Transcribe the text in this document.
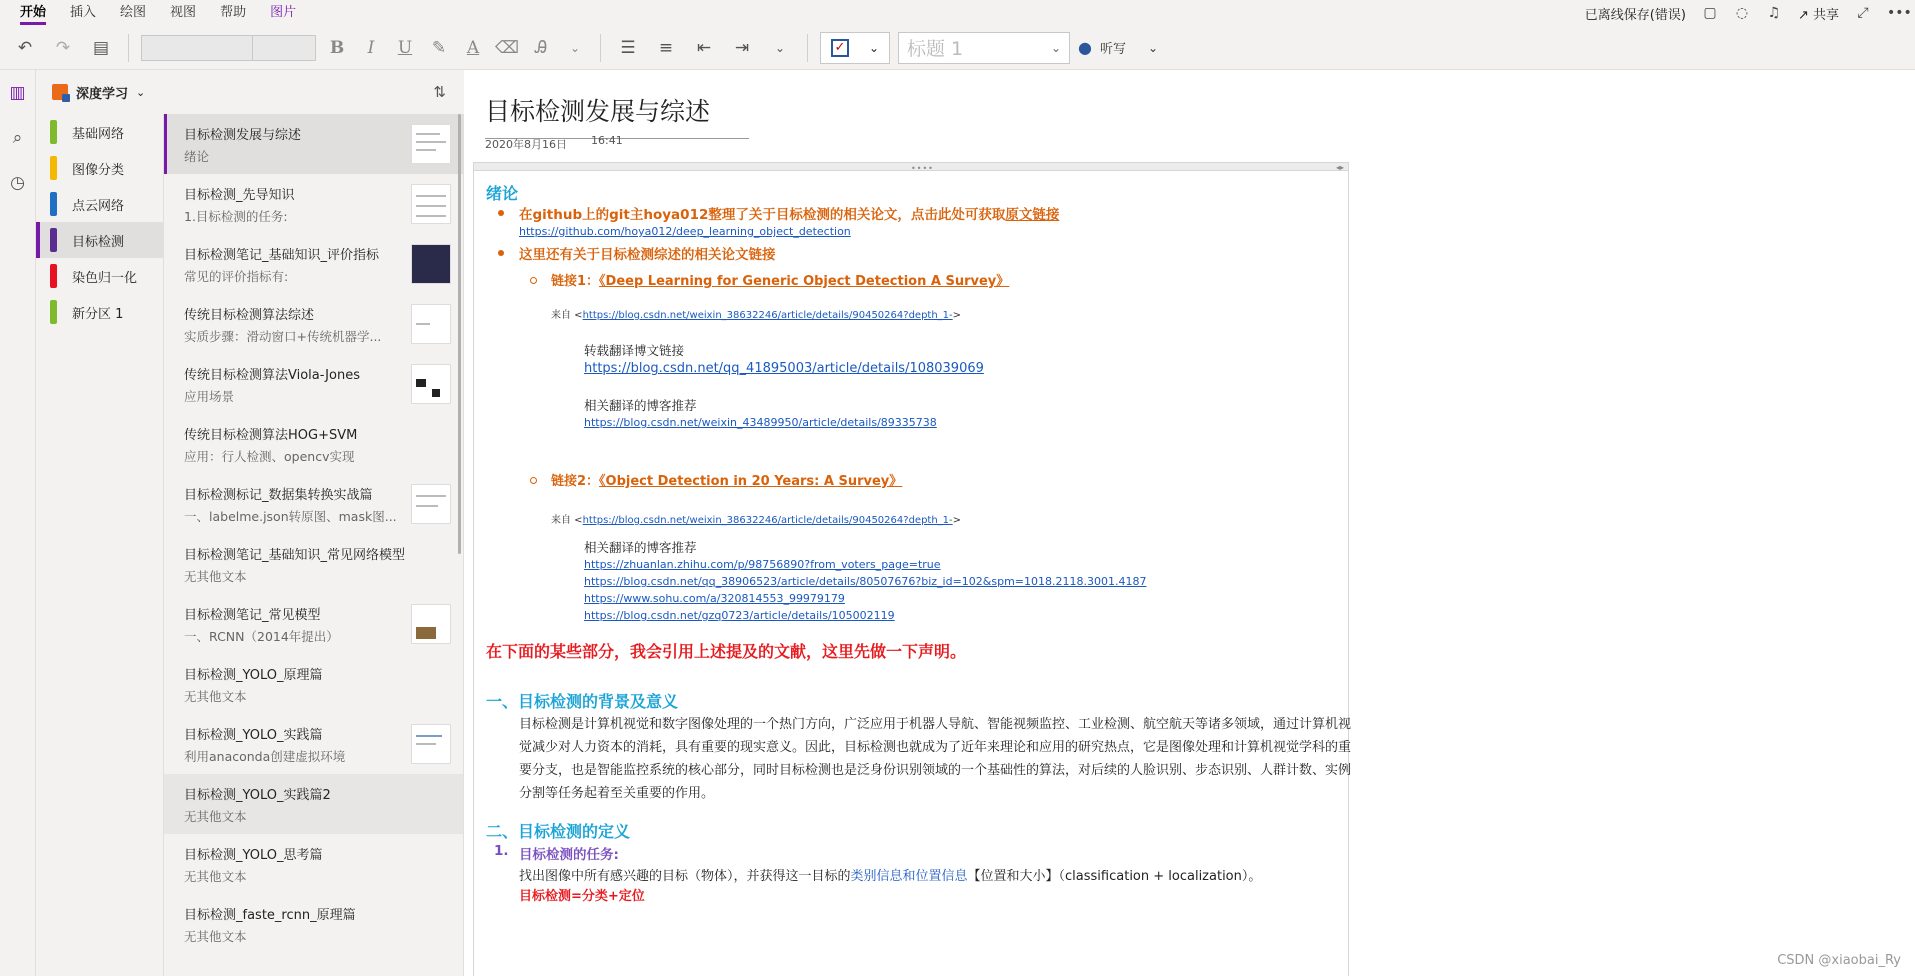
开始	插入	绘图	视图	帮助	图片	已离线保存(错误) ▢ ◌ ♫ ↗ 共享 ⤢ •••
↶	↷	▤	B	I	U	✎	A ⌫ Ꭿ	⌄	☰	≡	⇤	⇥	⌄	✓ ⌄ 标题 1	⌄ ● 听写 ⌄
▥
⌕
◷
深度学习 ⌄	⇅
基础网络
图像分类
点云网络
目标检测
染色归一化
新分区 1
目标检测发展与综述
绪论
目标检测_先导知识
1.目标检测的任务:
目标检测笔记_基础知识_评价指标
常见的评价指标有:
传统目标检测算法综述
实质步骤：滑动窗口+传统机器学...
传统目标检测算法Viola-Jones
应用场景
传统目标检测算法HOG+SVM
应用：行人检测、opencv实现
目标检测标记_数据集转换实战篇
一、labelme.json转原图、mask图...
目标检测笔记_基础知识_常见网络模型
无其他文本
目标检测笔记_常见模型
一、RCNN（2014年提出）
目标检测_YOLO_原理篇
无其他文本
目标检测_YOLO_实践篇
利用anaconda创建虚拟环境
目标检测_YOLO_实践篇2
无其他文本
目标检测_YOLO_思考篇
无其他文本
目标检测_faste_rcnn_原理篇
无其他文本
目标检测发展与综述
2020年8月16日 16:41
••••	◂▸
绪论
在github上的git主hoya012整理了关于目标检测的相关论文，点击此处可获取原文链接
https://github.com/hoya012/deep_learning_object_detection
这里还有关于目标检测综述的相关论文链接
链接1：《Deep Learning for Generic Object Detection A Survey》
来自 <https://blog.csdn.net/weixin_38632246/article/details/90450264?depth_1->
转载翻译博文链接
https://blog.csdn.net/qq_41895003/article/details/108039069
相关翻译的博客推荐
https://blog.csdn.net/weixin_43489950/article/details/89335738
链接2：《Object Detection in 20 Years: A Survey》
来自 <https://blog.csdn.net/weixin_38632246/article/details/90450264?depth_1->
相关翻译的博客推荐
https://zhuanlan.zhihu.com/p/98756890?from_voters_page=true
https://blog.csdn.net/qq_38906523/article/details/80507676?biz_id=102&spm=1018.2118.3001.4187
https://www.sohu.com/a/320814553_99979179
https://blog.csdn.net/gzq0723/article/details/105002119
在下面的某些部分，我会引用上述提及的文献，这里先做一下声明。
一、目标检测的背景及意义
目标检测是计算机视觉和数字图像处理的一个热门方向，广泛应用于机器人导航、智能视频监控、工业检测、航空航天等诸多领域，通过计算机视觉减少对人力资本的消耗，具有重要的现实意义。因此，目标检测也就成为了近年来理论和应用的研究热点，它是图像处理和计算机视觉学科的重要分支，也是智能监控系统的核心部分，同时目标检测也是泛身份识别领域的一个基础性的算法，对后续的人脸识别、步态识别、人群计数、实例分割等任务起着至关重要的作用。
二、目标检测的定义
1. 目标检测的任务:
找出图像中所有感兴趣的目标（物体），并获得这一目标的类别信息和位置信息【位置和大小】（classification + localization）。
目标检测=分类+定位
CSDN @xiaobai_Ry
